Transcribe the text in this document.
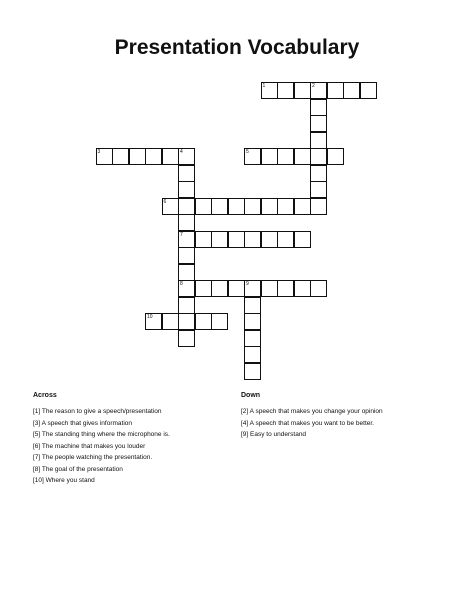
Presentation Vocabulary
1	2
3	4
7
8
5
6
9
10
Across
[1] The reason to give a speech/presentation
[3] A speech that gives information
[5] The standing thing where the microphone is.
[6] The machine that makes you louder
[7] The people watching the presentation.
[8] The goal of the presentation
[10] Where you stand
Down
[2] A speech that makes you change your opinion
[4] A speech that makes you want to be better.
[9] Easy to understand
